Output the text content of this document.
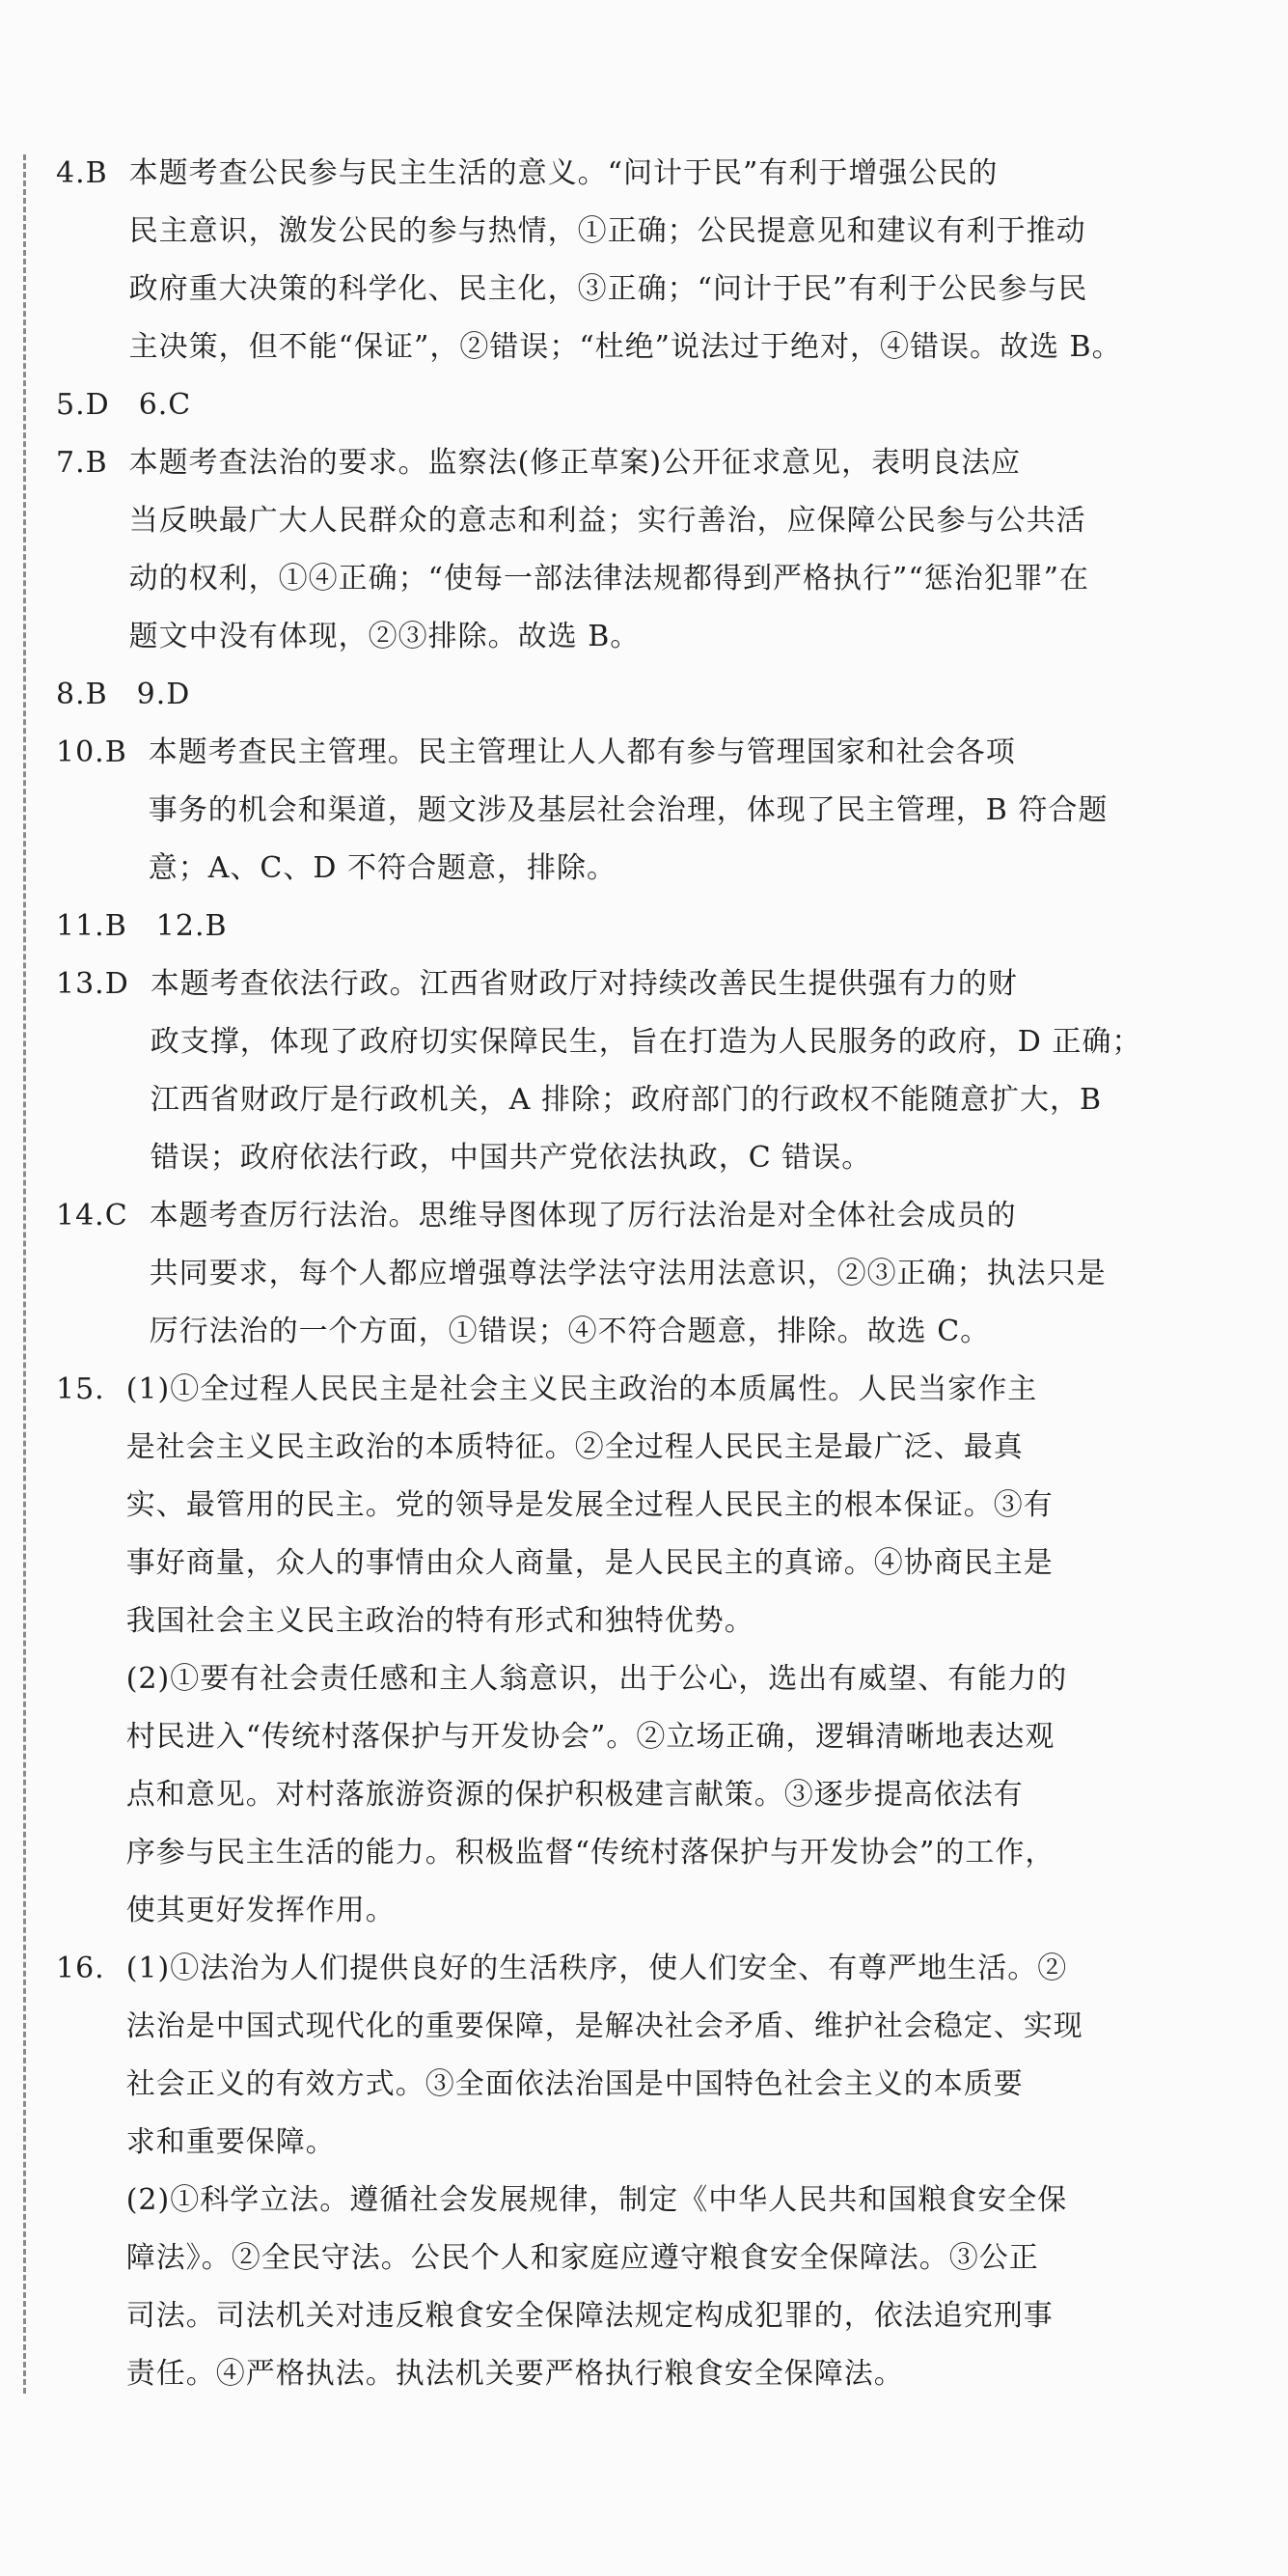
4.B 本题考查公民参与民主生活的意义。“问计于民”有利于增强公民的
民主意识，激发公民的参与热情，①正确；公民提意见和建议有利于推动
政府重大决策的科学化、民主化，③正确；“问计于民”有利于公民参与民
主决策，但不能“保证”，②错误；“杜绝”说法过于绝对，④错误。故选 B。
5.D 6.C
7.B 本题考查法治的要求。监察法(修正草案)公开征求意见，表明良法应
当反映最广大人民群众的意志和利益；实行善治，应保障公民参与公共活
动的权利，①④正确；“使每一部法律法规都得到严格执行”“惩治犯罪”在
题文中没有体现，②③排除。故选 B。
8.B 9.D
10.B 本题考查民主管理。民主管理让人人都有参与管理国家和社会各项
事务的机会和渠道，题文涉及基层社会治理，体现了民主管理，B 符合题
意；A、C、D 不符合题意，排除。
11.B 12.B
13.D 本题考查依法行政。江西省财政厅对持续改善民生提供强有力的财
政支撑，体现了政府切实保障民生，旨在打造为人民服务的政府，D 正确；
江西省财政厅是行政机关，A 排除；政府部门的行政权不能随意扩大，B
错误；政府依法行政，中国共产党依法执政，C 错误。
14.C 本题考查厉行法治。思维导图体现了厉行法治是对全体社会成员的
共同要求，每个人都应增强尊法学法守法用法意识，②③正确；执法只是
厉行法治的一个方面，①错误；④不符合题意，排除。故选 C。
15. (1)①全过程人民民主是社会主义民主政治的本质属性。人民当家作主
是社会主义民主政治的本质特征。②全过程人民民主是最广泛、最真
实、最管用的民主。党的领导是发展全过程人民民主的根本保证。③有
事好商量，众人的事情由众人商量，是人民民主的真谛。④协商民主是
我国社会主义民主政治的特有形式和独特优势。
(2)①要有社会责任感和主人翁意识，出于公心，选出有威望、有能力的
村民进入“传统村落保护与开发协会”。②立场正确，逻辑清晰地表达观
点和意见。对村落旅游资源的保护积极建言献策。③逐步提高依法有
序参与民主生活的能力。积极监督“传统村落保护与开发协会”的工作，
使其更好发挥作用。
16. (1)①法治为人们提供良好的生活秩序，使人们安全、有尊严地生活。②
法治是中国式现代化的重要保障，是解决社会矛盾、维护社会稳定、实现
社会正义的有效方式。③全面依法治国是中国特色社会主义的本质要
求和重要保障。
(2)①科学立法。遵循社会发展规律，制定《中华人民共和国粮食安全保
障法》。②全民守法。公民个人和家庭应遵守粮食安全保障法。③公正
司法。司法机关对违反粮食安全保障法规定构成犯罪的，依法追究刑事
责任。④严格执法。执法机关要严格执行粮食安全保障法。
